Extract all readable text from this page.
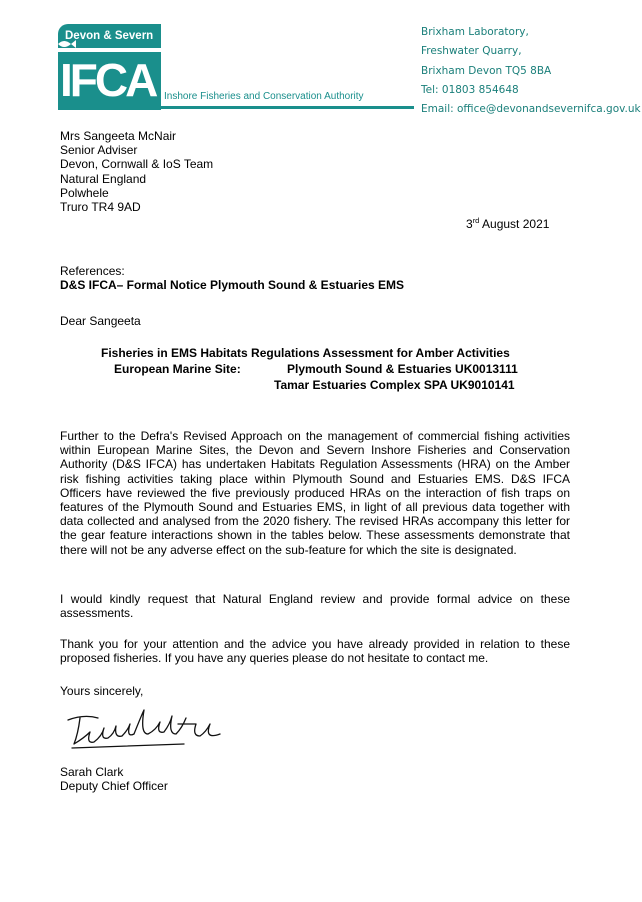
Devon & Severn
IFCA Inshore Fisheries and Conservation Authority
Brixham Laboratory,
Freshwater Quarry,
Brixham Devon TQ5 8BA
Tel: 01803 854648
Email: office@devonandsevernifca.gov.uk
Mrs Sangeeta McNair
Senior Adviser
Devon, Cornwall & IoS Team
Natural England
Polwhele
Truro TR4 9AD
3rd August 2021
References:
D&S IFCA– Formal Notice Plymouth Sound & Estuaries EMS
Dear Sangeeta
Fisheries in EMS Habitats Regulations Assessment for Amber Activities
European Marine Site:	Plymouth Sound & Estuaries UK0013111
Tamar Estuaries Complex SPA UK9010141
Further to the Defra's Revised Approach on the management of commercial fishing activities within European Marine Sites, the Devon and Severn Inshore Fisheries and Conservation Authority (D&S IFCA) has undertaken Habitats Regulation Assessments (HRA) on the Amber risk fishing activities taking place within Plymouth Sound and Estuaries EMS. D&S IFCA Officers have reviewed the five previously produced HRAs on the interaction of fish traps on features of the Plymouth Sound and Estuaries EMS, in light of all previous data together with data collected and analysed from the 2020 fishery. The revised HRAs accompany this letter for the gear feature interactions shown in the tables below. These assessments demonstrate that there will not be any adverse effect on the sub-feature for which the site is designated.
I would kindly request that Natural England review and provide formal advice on these assessments.
Thank you for your attention and the advice you have already provided in relation to these proposed fisheries. If you have any queries please do not hesitate to contact me.
Yours sincerely,
Sarah Clark
Deputy Chief Officer
